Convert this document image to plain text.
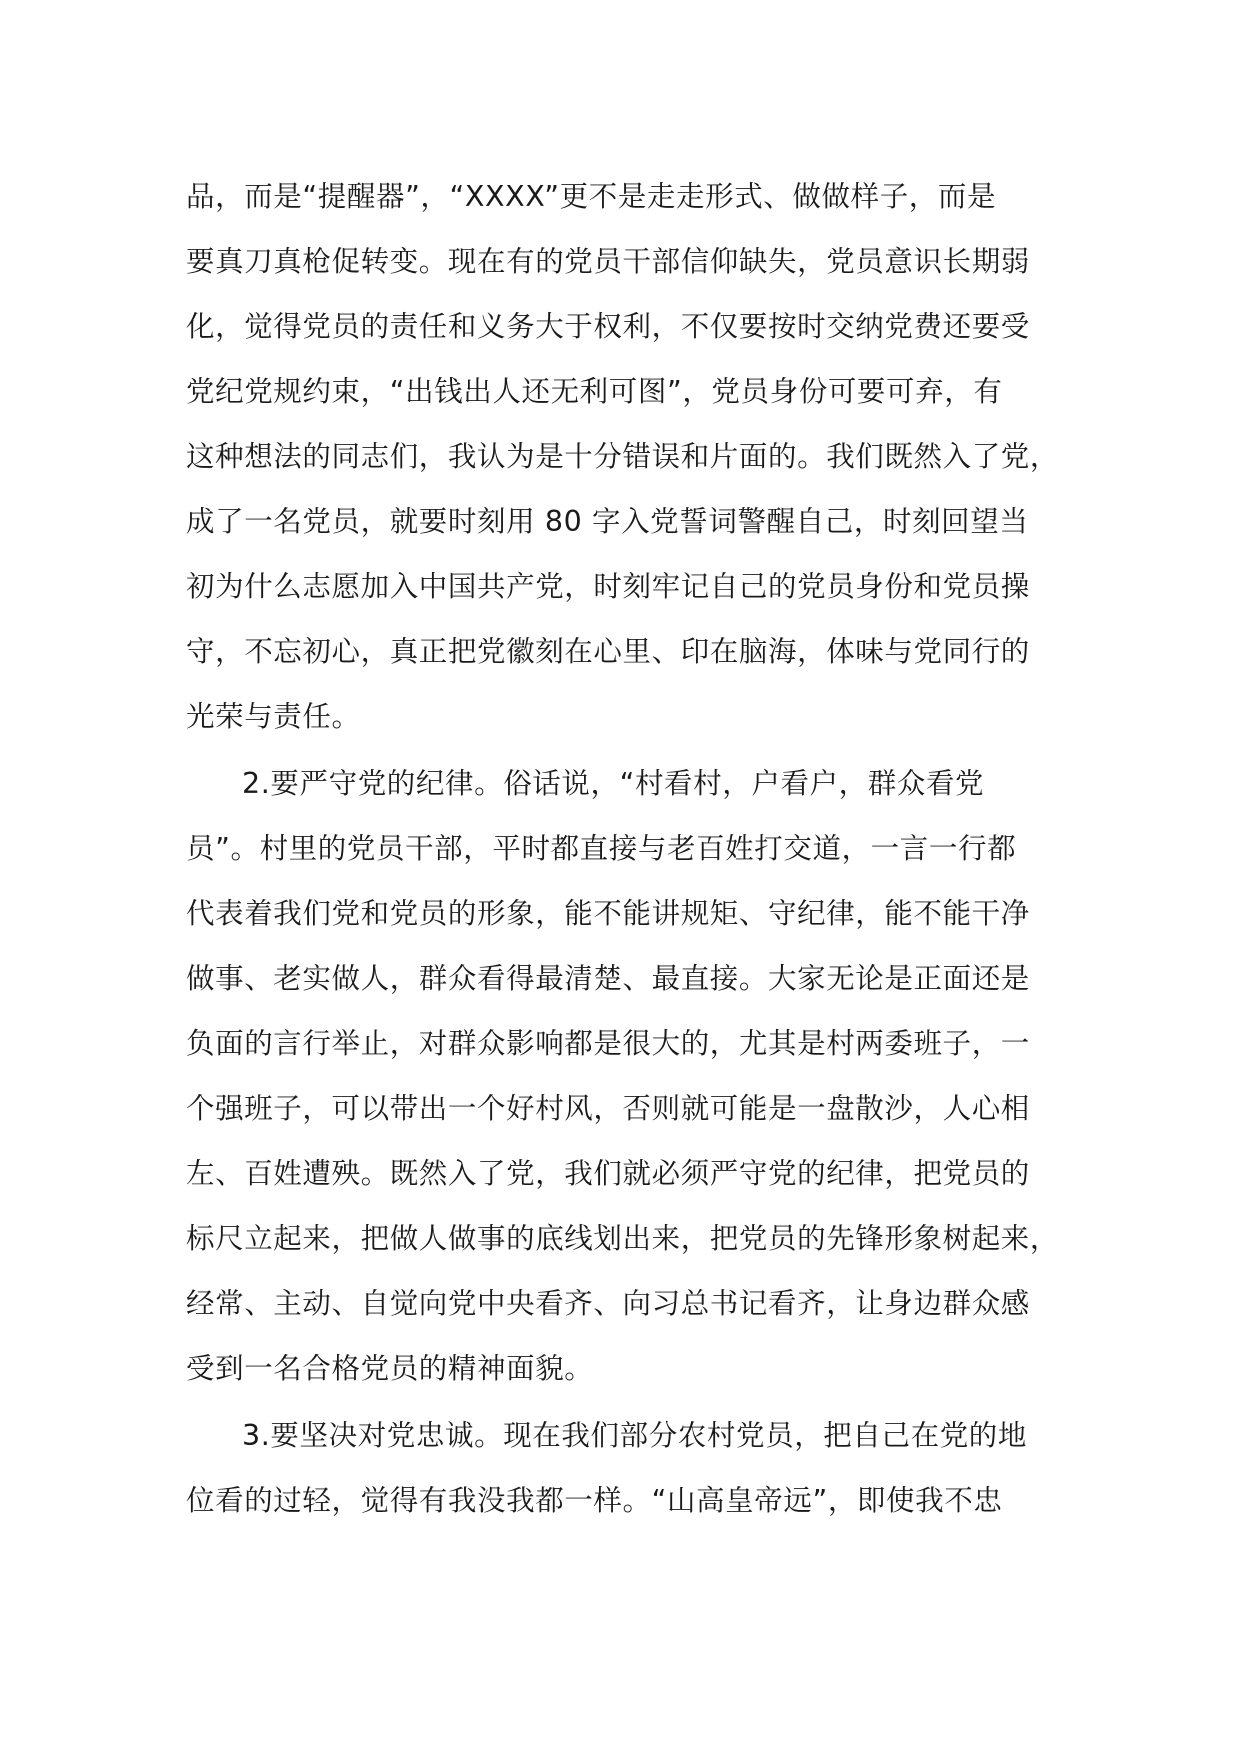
品，而是“提醒器”，“XXXX”更不是走走形式、做做样子，而是
要真刀真枪促转变。现在有的党员干部信仰缺失，党员意识长期弱
化，觉得党员的责任和义务大于权利，不仅要按时交纳党费还要受
党纪党规约束，“出钱出人还无利可图”，党员身份可要可弃，有
这种想法的同志们，我认为是十分错误和片面的。我们既然入了党，
成了一名党员，就要时刻用 80 字入党誓词警醒自己，时刻回望当
初为什么志愿加入中国共产党，时刻牢记自己的党员身份和党员操
守，不忘初心，真正把党徽刻在心里、印在脑海，体味与党同行的
光荣与责任。
2.要严守党的纪律。俗话说，“村看村，户看户，群众看党
员”。村里的党员干部，平时都直接与老百姓打交道，一言一行都
代表着我们党和党员的形象，能不能讲规矩、守纪律，能不能干净
做事、老实做人，群众看得最清楚、最直接。大家无论是正面还是
负面的言行举止，对群众影响都是很大的，尤其是村两委班子，一
个强班子，可以带出一个好村风，否则就可能是一盘散沙，人心相
左、百姓遭殃。既然入了党，我们就必须严守党的纪律，把党员的
标尺立起来，把做人做事的底线划出来，把党员的先锋形象树起来，
经常、主动、自觉向党中央看齐、向习总书记看齐，让身边群众感
受到一名合格党员的精神面貌。
3.要坚决对党忠诚。现在我们部分农村党员，把自己在党的地
位看的过轻，觉得有我没我都一样。“山高皇帝远”，即使我不忠
